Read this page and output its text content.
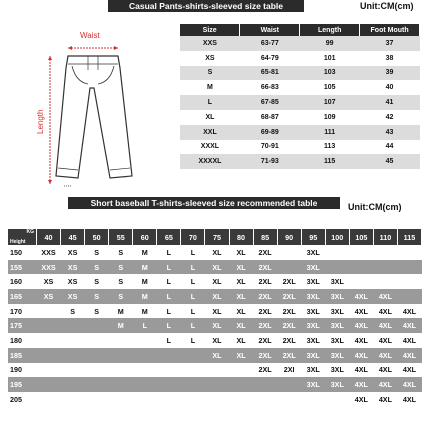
Casual Pants-shirts-sleeved size table	Unit:CM(cm)
Waist
Length
Size	Waist	Length	Foot Mouth
XXS	63-77	99	37
XS	64-79	101	38
S	65-81	103	39
M	66-83	105	40
L	67-85	107	41
XL	68-87	109	42
XXL	69-89	111	43
XXXL	70-91	113	44
XXXXL	71-93	115	45
Short baseball T-shirts-sleeved size recommended table	Unit:CM(cm)
KG
Height	40	45	50	55	60	65	70	75	80	85	90	95	100	105	110	115
150	XXS	XS	S	S	M	L	L	XL	XL	2XL		3XL				
155	XXS	XS	S	S	M	L	L	XL	XL	2XL		3XL				
160	XS	XS	S	S	M	L	L	XL	XL	2XL	2XL	3XL	3XL			
165	XS	XS	S	S	M	L	L	XL	XL	2XL	2XL	3XL	3XL	4XL	4XL	
170		S	S	M	M	L	L	XL	XL	2XL	2XL	3XL	3XL	4XL	4XL	4XL
175				M	L	L	L	XL	XL	2XL	2XL	3XL	3XL	4XL	4XL	4XL
180						L	L	XL	XL	2XL	2XL	3XL	3XL	4XL	4XL	4XL
185								XL	XL	2XL	2XL	3XL	3XL	4XL	4XL	4XL
190										2XL	2XI	3XL	3XL	4XL	4XL	4XL
195												3XL	3XL	4XL	4XL	4XL
205														4XL	4XL	4XL
